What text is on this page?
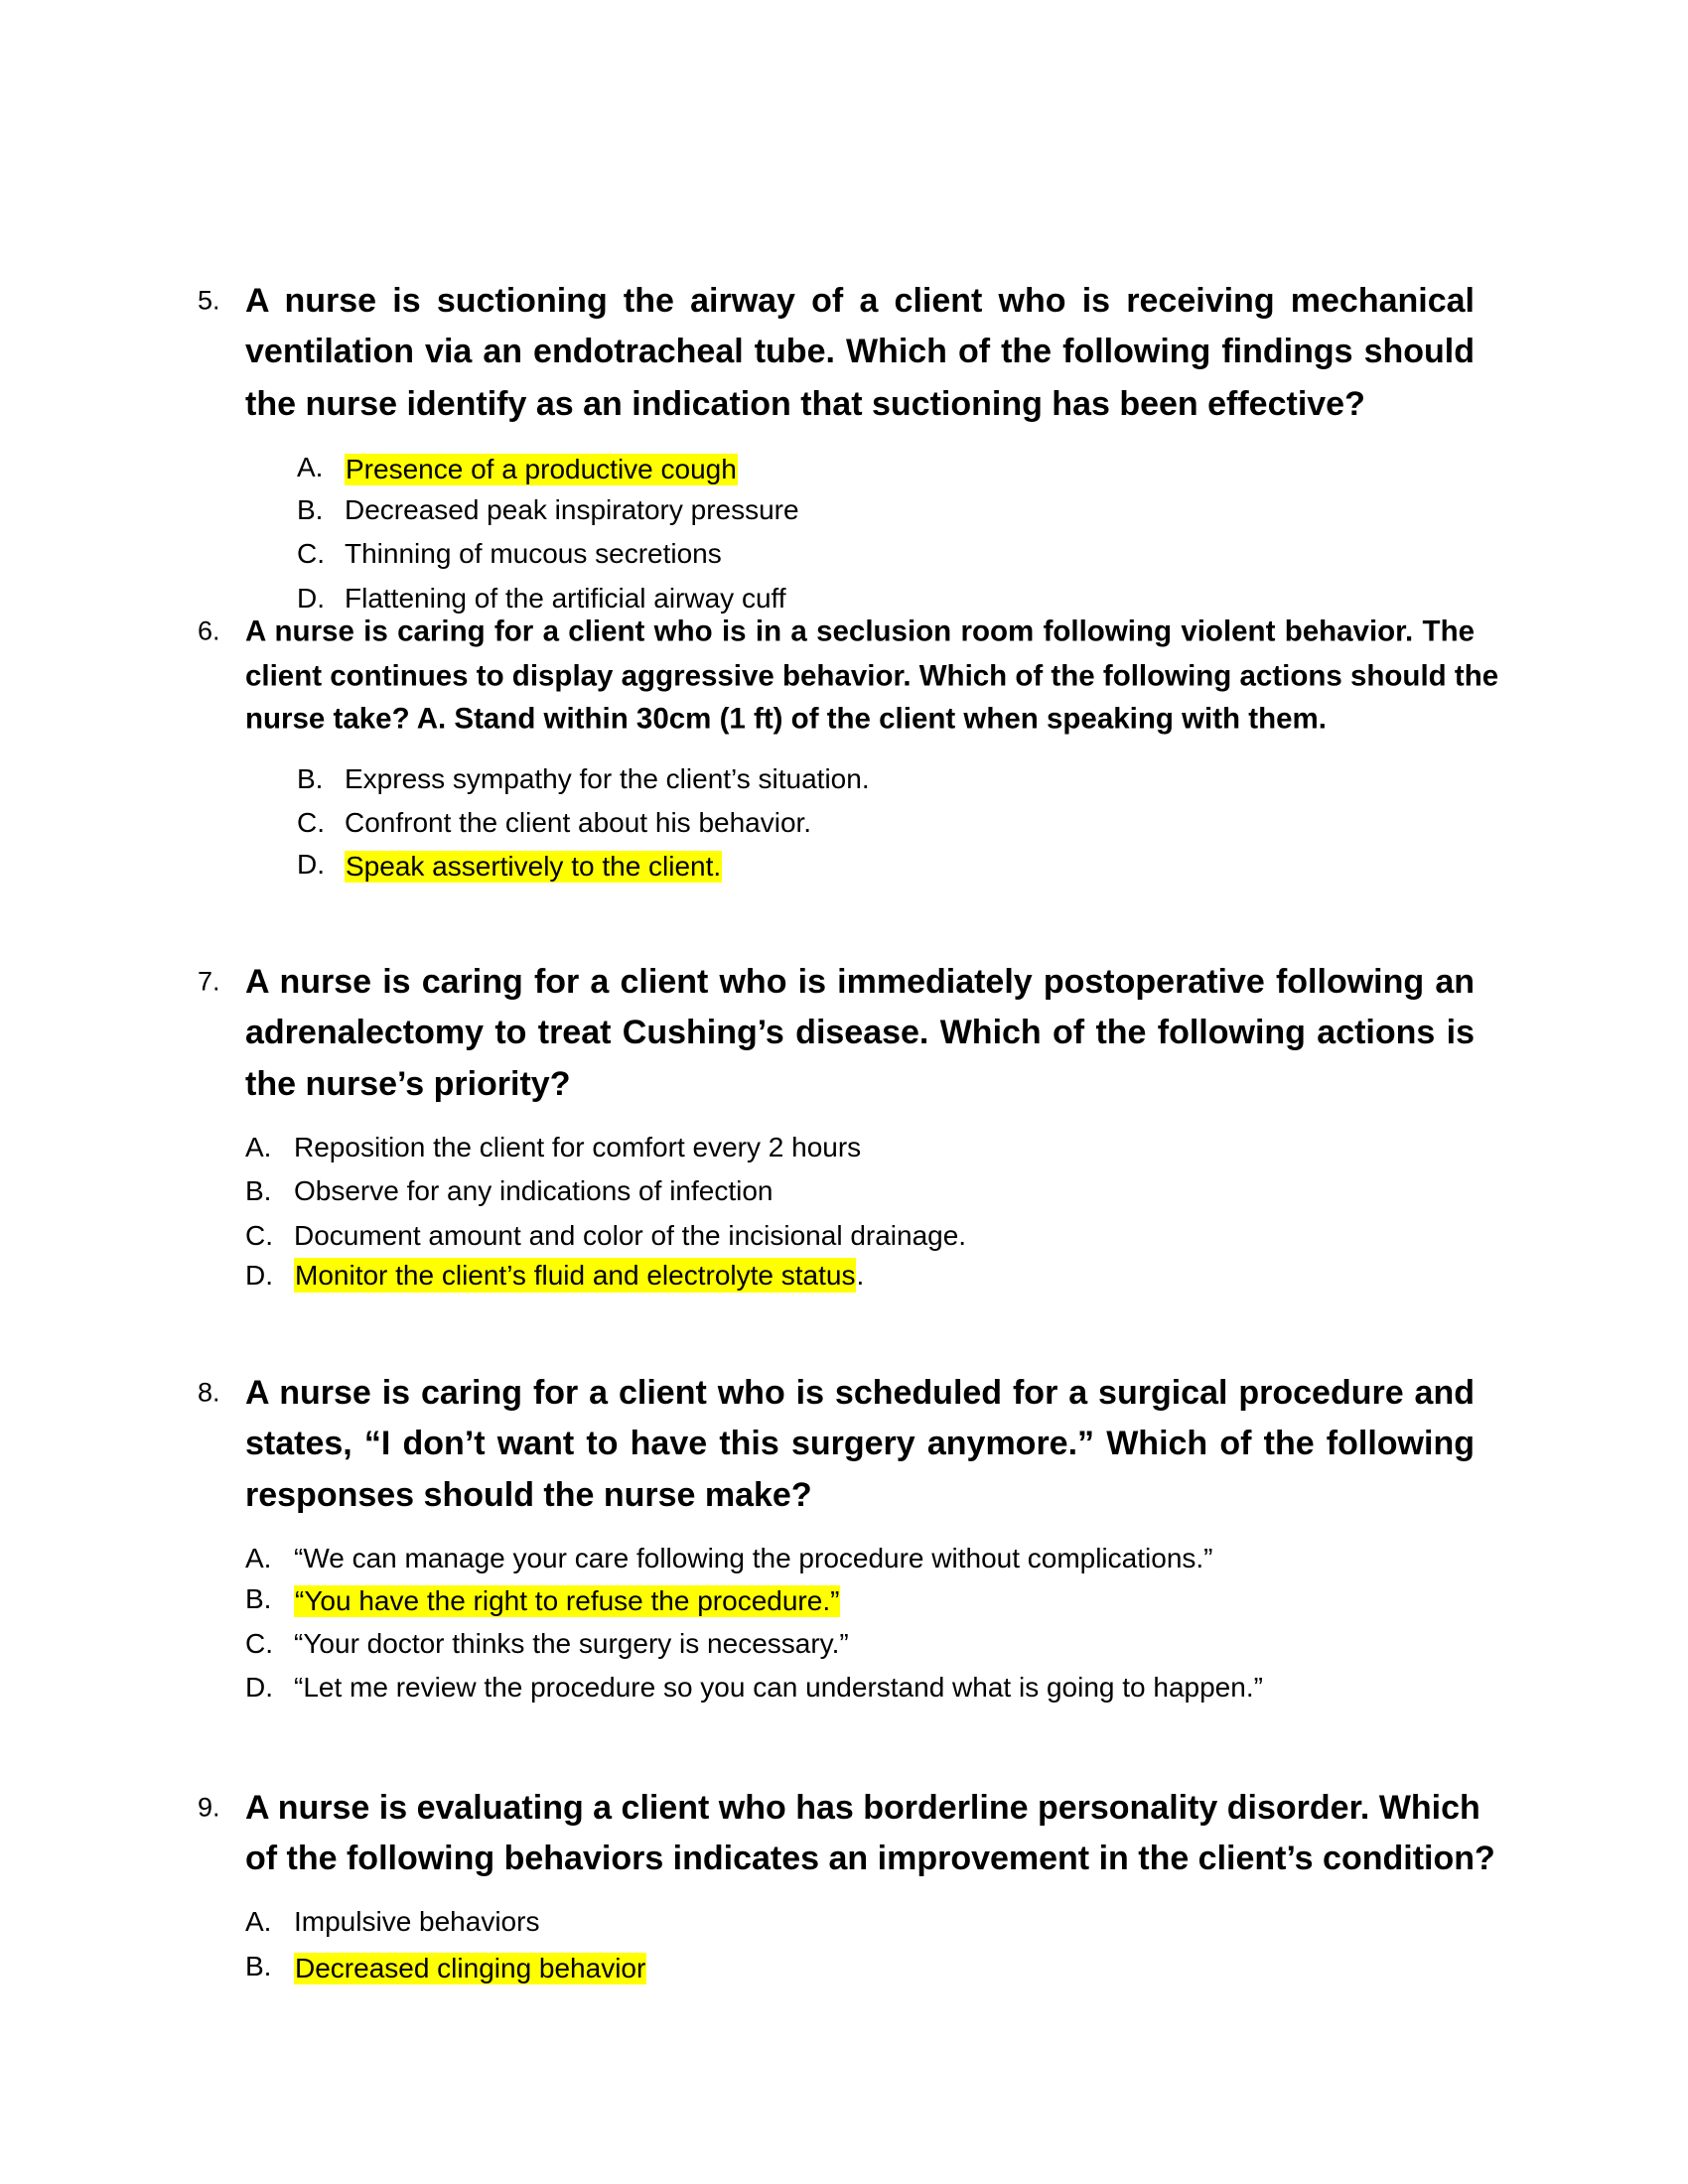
5. A nurse is suctioning the airway of a client who is receiving mechanical
ventilation via an endotracheal tube. Which of the following findings should
the nurse identify as an indication that suctioning has been effective?
A. Presence of a productive cough
B. Decreased peak inspiratory pressure
C. Thinning of mucous secretions
D. Flattening of the artificial airway cuff
6. A nurse is caring for a client who is in a seclusion room following violent behavior. The
client continues to display aggressive behavior. Which of the following actions should the
nurse take? A. Stand within 30cm (1 ft) of the client when speaking with them.
B. Express sympathy for the client’s situation.
C. Confront the client about his behavior.
D. Speak assertively to the client.
7. A nurse is caring for a client who is immediately postoperative following an
adrenalectomy to treat Cushing’s disease. Which of the following actions is
the nurse’s priority?
A. Reposition the client for comfort every 2 hours
B. Observe for any indications of infection
C. Document amount and color of the incisional drainage.
D. Monitor the client’s fluid and electrolyte status.
8. A nurse is caring for a client who is scheduled for a surgical procedure and
states, “I don’t want to have this surgery anymore.” Which of the following
responses should the nurse make?
A. “We can manage your care following the procedure without complications.”
B. “You have the right to refuse the procedure.”
C. “Your doctor thinks the surgery is necessary.”
D. “Let me review the procedure so you can understand what is going to happen.”
9. A nurse is evaluating a client who has borderline personality disorder. Which
of the following behaviors indicates an improvement in the client’s condition?
A. Impulsive behaviors
B. Decreased clinging behavior
